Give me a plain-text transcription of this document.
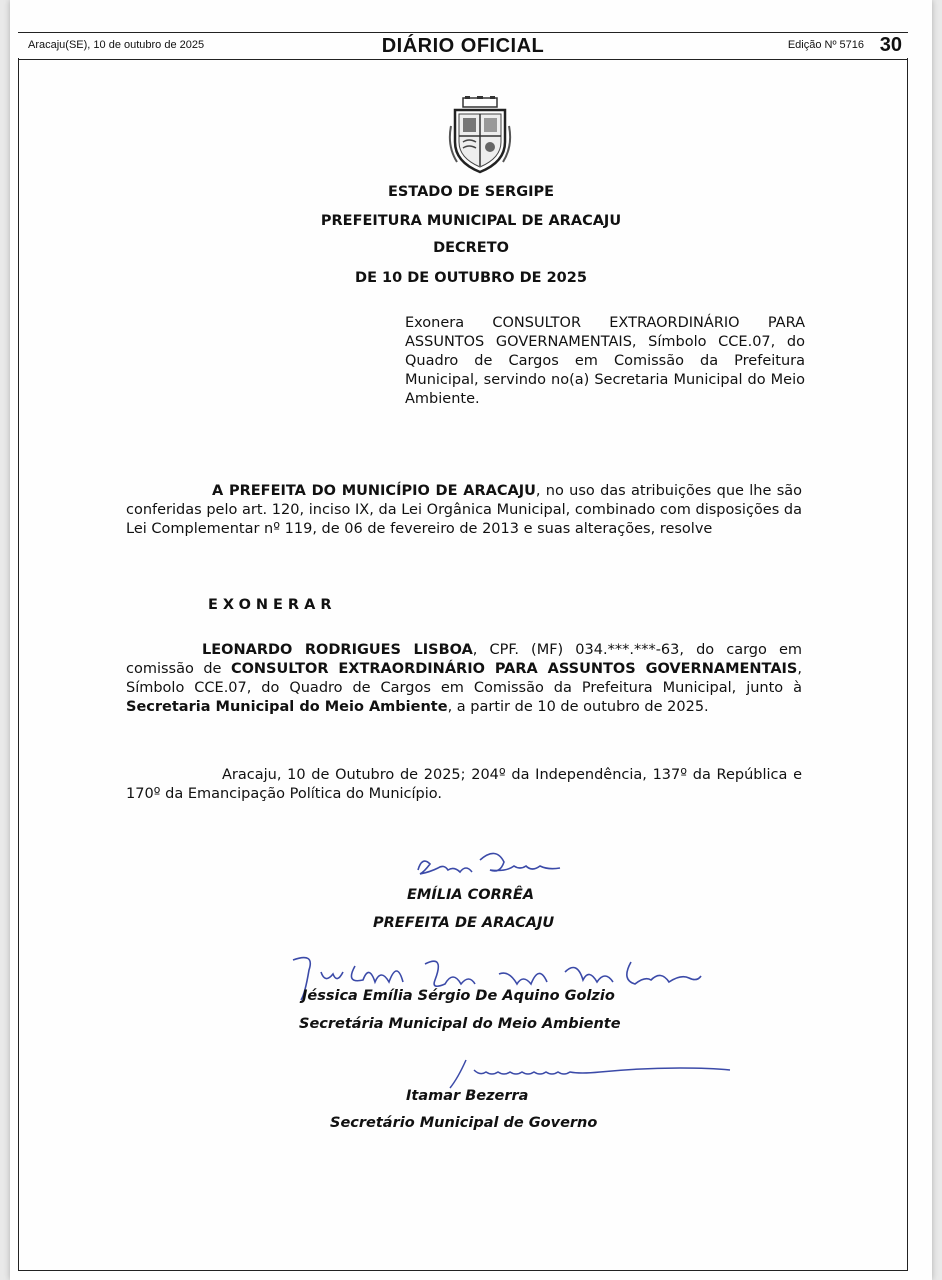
Aracaju(SE), 10 de outubro de 2025	DIÁRIO OFICIAL	Edição Nº 5716 30
ESTADO DE SERGIPE
PREFEITURA MUNICIPAL DE ARACAJU
DECRETO
DE 10 DE OUTUBRO DE 2025
Exonera CONSULTOR EXTRAORDINÁRIO PARA ASSUNTOS GOVERNAMENTAIS, Símbolo CCE.07, do Quadro de Cargos em Comissão da Prefeitura Municipal, servindo no(a) Secretaria Municipal do Meio Ambiente.
A PREFEITA DO MUNICÍPIO DE ARACAJU, no uso das atribuições que lhe são conferidas pelo art. 120, inciso IX, da Lei Orgânica Municipal, combinado com disposições da Lei Complementar nº 119, de 06 de fevereiro de 2013 e suas alterações, resolve
EXONERAR
LEONARDO RODRIGUES LISBOA, CPF. (MF) 034.***.***-63, do cargo em comissão de CONSULTOR EXTRAORDINÁRIO PARA ASSUNTOS GOVERNAMENTAIS, Símbolo CCE.07, do Quadro de Cargos em Comissão da Prefeitura Municipal, junto à Secretaria Municipal do Meio Ambiente, a partir de 10 de outubro de 2025.
Aracaju, 10 de Outubro de 2025; 204º da Independência, 137º da República e 170º da Emancipação Política do Município.
EMÍLIA CORRÊA
PREFEITA DE ARACAJU
Jéssica Emília Sérgio De Aquino Golzio
Secretária Municipal do Meio Ambiente
Itamar Bezerra
Secretário Municipal de Governo
